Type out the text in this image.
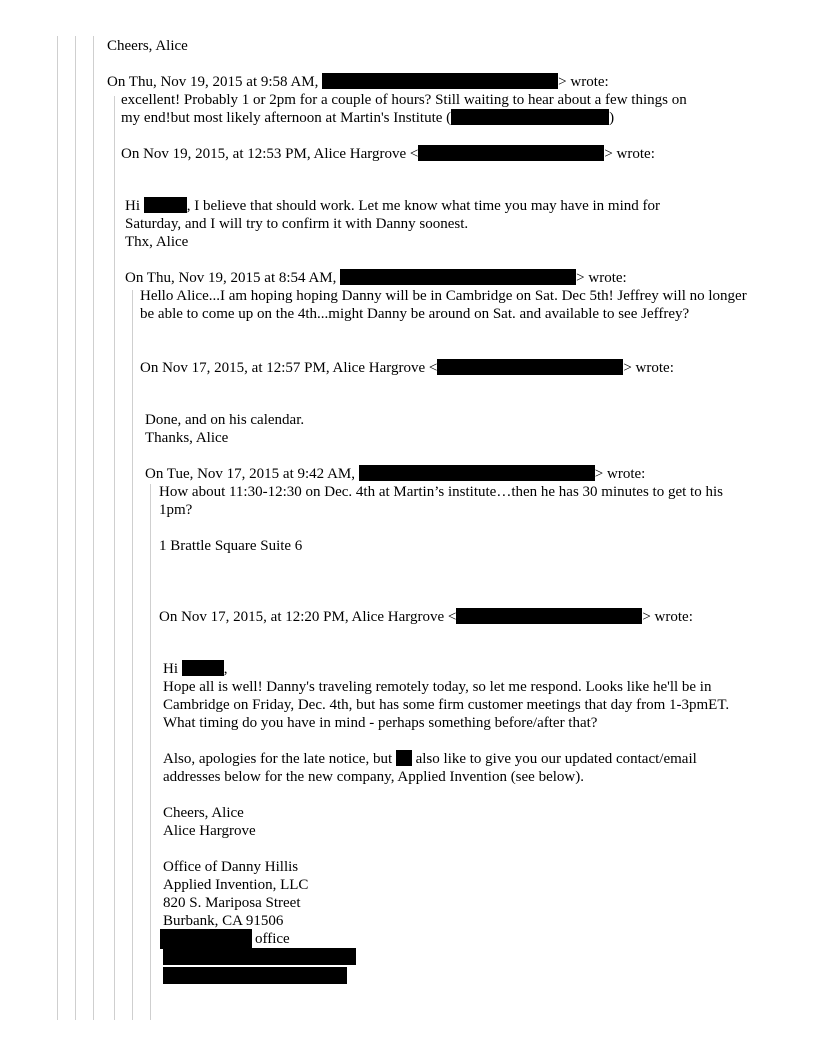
Cheers, Alice
On Thu, Nov 19, 2015 at 9:58 AM,	> wrote:
excellent! Probably 1 or 2pm for a couple of hours? Still waiting to hear about a few things on
my end!but most likely afternoon at Martin's Institute (	)
On Nov 19, 2015, at 12:53 PM, Alice Hargrove <	> wrote:
Hi	, I believe that should work. Let me know what time you may have in mind for
Saturday, and I will try to confirm it with Danny soonest.
Thx, Alice
On Thu, Nov 19, 2015 at 8:54 AM,	> wrote:
Hello Alice...I am hoping hoping Danny will be in Cambridge on Sat. Dec 5th! Jeffrey will no longer be able to come up on the 4th...might Danny be around on Sat. and available to see Jeffrey?
On Nov 17, 2015, at 12:57 PM, Alice Hargrove <	> wrote:
Done, and on his calendar.
Thanks, Alice
On Tue, Nov 17, 2015 at 9:42 AM,	> wrote:
How about 11:30-12:30 on Dec. 4th at Martin’s institute…then he has 30 minutes to get to his 1pm?
1 Brattle Square Suite 6
On Nov 17, 2015, at 12:20 PM, Alice Hargrove <	> wrote:
Hi	,
Hope all is well! Danny's traveling remotely today, so let me respond. Looks like he'll be in Cambridge on Friday, Dec. 4th, but has some firm customer meetings that day from 1-3pmET. What timing do you have in mind - perhaps something before/after that?
Also, apologies for the late notice, but also like to give you our updated contact/email addresses below for the new company, Applied Invention (see below).
Cheers, Alice
Alice Hargrove
Office of Danny Hillis
Applied Invention, LLC
820 S. Mariposa Street
Burbank, CA 91506
office
